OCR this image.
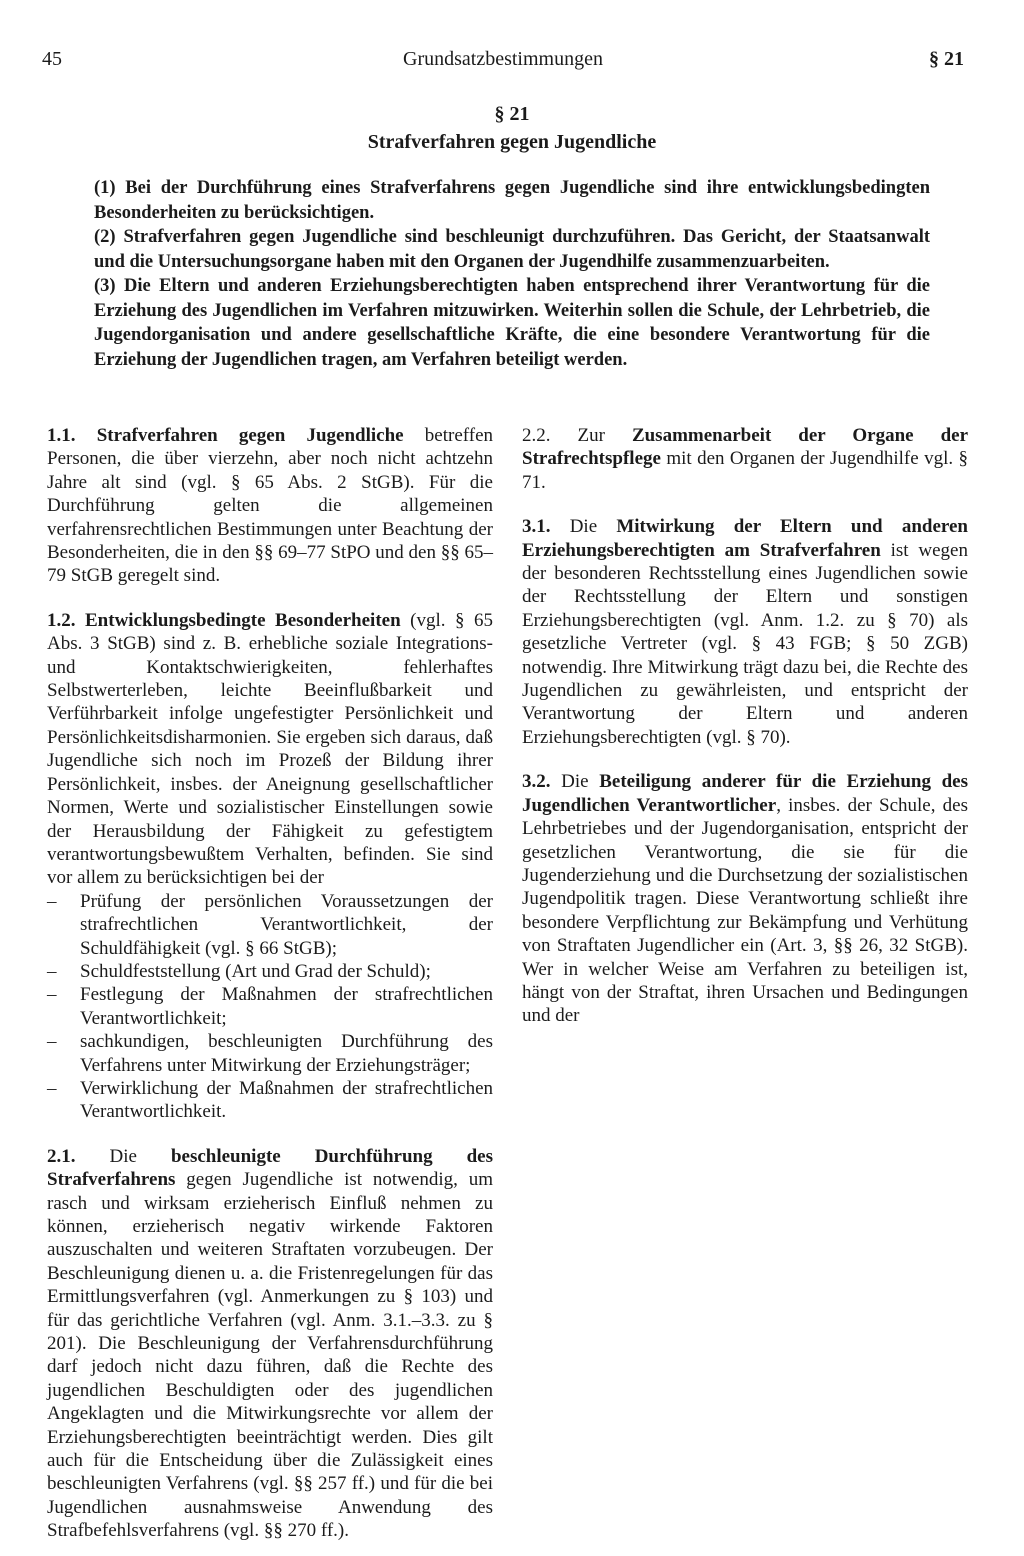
45	Grundsatzbestimmungen	§ 21
§ 21
Strafverfahren gegen Jugendliche

(1) Bei der Durchführung eines Strafverfahrens gegen Jugendliche sind ihre entwicklungsbedingten Besonderheiten zu berücksichtigen.

(2) Strafverfahren gegen Jugendliche sind beschleunigt durchzuführen. Das Gericht, der Staatsanwalt und die Untersuchungsorgane haben mit den Organen der Jugendhilfe zusammenzuarbeiten.

(3) Die Eltern und anderen Erziehungsberechtigten haben entsprechend ihrer Verantwortung für die Erziehung des Jugendlichen im Verfahren mitzuwirken. Weiterhin sollen die Schule, der Lehrbetrieb, die Jugendorganisation und andere gesellschaftliche Kräfte, die eine besondere Verantwortung für die Erziehung der Jugendlichen tragen, am Verfahren beteiligt werden.

1.1. Strafverfahren gegen Jugendliche betreffen Personen, die über vierzehn, aber noch nicht achtzehn Jahre alt sind (vgl. § 65 Abs. 2 StGB). Für die Durchführung gelten die allgemeinen verfahrensrechtlichen Bestimmungen unter Beachtung der Besonderheiten, die in den §§ 69–77 StPO und den §§ 65–79 StGB geregelt sind.

1.2. Entwicklungsbedingte Besonderheiten (vgl. § 65 Abs. 3 StGB) sind z. B. erhebliche soziale Integrations- und Kontaktschwierigkeiten, fehlerhaftes Selbstwerterleben, leichte Beeinflußbarkeit und Verführbarkeit infolge ungefestigter Persönlichkeit und Persönlichkeitsdisharmonien. Sie ergeben sich daraus, daß Jugendliche sich noch im Prozeß der Bildung ihrer Persönlichkeit, insbes. der Aneignung gesellschaftlicher Normen, Werte und sozialistischer Einstellungen sowie der Herausbildung der Fähigkeit zu gefestigtem verantwortungsbewußtem Verhalten, befinden. Sie sind vor allem zu berücksichtigen bei der

– Prüfung der persönlichen Voraussetzungen der strafrechtlichen Verantwortlichkeit, der Schuldfähigkeit (vgl. § 66 StGB);
– Schuldfeststellung (Art und Grad der Schuld);
– Festlegung der Maßnahmen der strafrechtlichen Verantwortlichkeit;
– sachkundigen, beschleunigten Durchführung des Verfahrens unter Mitwirkung der Erziehungsträger;
– Verwirklichung der Maßnahmen der strafrechtlichen Verantwortlichkeit.

2.1. Die beschleunigte Durchführung des Strafverfahrens gegen Jugendliche ist notwendig, um rasch und wirksam erzieherisch Einfluß nehmen zu können, erzieherisch negativ wirkende Faktoren auszuschalten und weiteren Straftaten vorzubeugen. Der Beschleunigung dienen u. a. die Fristenregelungen für das Ermittlungsverfahren (vgl. Anmerkungen zu § 103) und für das gerichtliche Verfahren (vgl. Anm. 3.1.–3.3. zu § 201). Die Beschleunigung der Verfahrensdurchführung darf jedoch nicht dazu führen, daß die Rechte des jugendlichen Beschuldigten oder des jugendlichen Angeklagten und die Mitwirkungsrechte vor allem der Erziehungsberechtigten beeinträchtigt werden. Dies gilt auch für die Entscheidung über die Zulässigkeit eines beschleunigten Verfahrens (vgl. §§ 257 ff.) und für die bei Jugendlichen ausnahmsweise Anwendung des Strafbefehlsverfahrens (vgl. §§ 270 ff.).

2.2. Zur Zusammenarbeit der Organe der Strafrechtspflege mit den Organen der Jugendhilfe vgl. § 71.

3.1. Die Mitwirkung der Eltern und anderen Erziehungsberechtigten am Strafverfahren ist wegen der besonderen Rechtsstellung eines Jugendlichen sowie der Rechtsstellung der Eltern und sonstigen Erziehungsberechtigten (vgl. Anm. 1.2. zu § 70) als gesetzliche Vertreter (vgl. § 43 FGB; § 50 ZGB) notwendig. Ihre Mitwirkung trägt dazu bei, die Rechte des Jugendlichen zu gewährleisten, und entspricht der Verantwortung der Eltern und anderen Erziehungsberechtigten (vgl. § 70).

3.2. Die Beteiligung anderer für die Erziehung des Jugendlichen Verantwortlicher, insbes. der Schule, des Lehrbetriebes und der Jugendorganisation, entspricht der gesetzlichen Verantwortung, die sie für die Jugenderziehung und die Durchsetzung der sozialistischen Jugendpolitik tragen. Diese Verantwortung schließt ihre besondere Verpflichtung zur Bekämpfung und Verhütung von Straftaten Jugendlicher ein (Art. 3, §§ 26, 32 StGB). Wer in welcher Weise am Verfahren zu beteiligen ist, hängt von der Straftat, ihren Ursachen und Bedingungen und der
